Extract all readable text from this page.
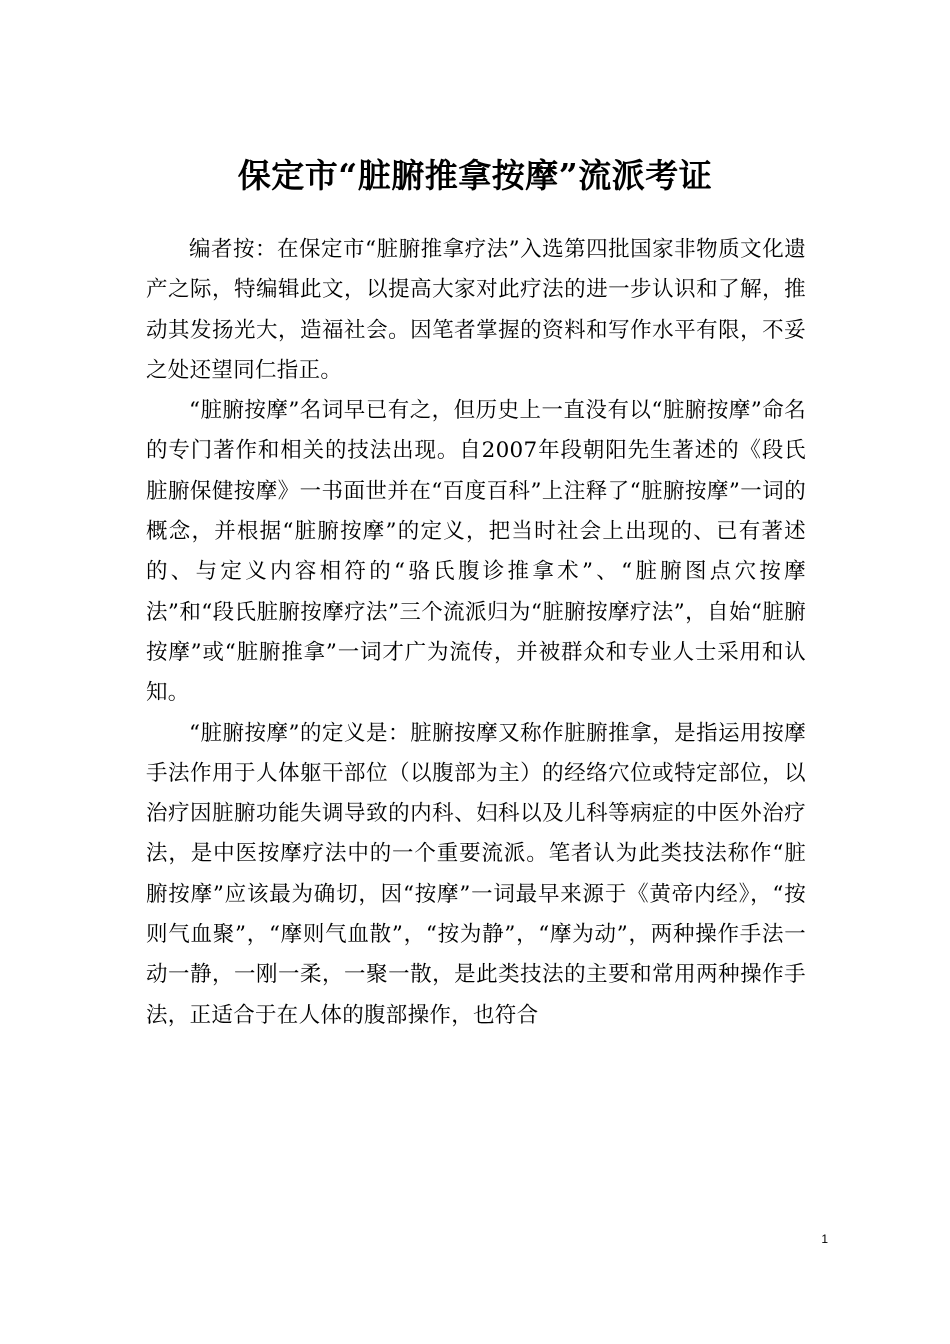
保定市“脏腑推拿按摩”流派考证

编者按：在保定市“脏腑推拿疗法”入选第四批国家非物质文化遗产之际，特编辑此文，以提高大家对此疗法的进一步认识和了解，推动其发扬光大，造福社会。因笔者掌握的资料和写作水平有限，不妥之处还望同仁指正。

“脏腑按摩”名词早已有之，但历史上一直没有以“脏腑按摩”命名的专门著作和相关的技法出现。自2007年段朝阳先生著述的《段氏脏腑保健按摩》一书面世并在“百度百科”上注释了“脏腑按摩”一词的概念，并根据“脏腑按摩”的定义，把当时社会上出现的、已有著述的、与定义内容相符的“骆氏腹诊推拿术”、“脏腑图点穴按摩法”和“段氏脏腑按摩疗法”三个流派归为“脏腑按摩疗法”，自始“脏腑按摩”或“脏腑推拿”一词才广为流传，并被群众和专业人士采用和认知。

“脏腑按摩”的定义是：脏腑按摩又称作脏腑推拿，是指运用按摩手法作用于人体躯干部位（以腹部为主）的经络穴位或特定部位，以治疗因脏腑功能失调导致的内科、妇科以及儿科等病症的中医外治疗法，是中医按摩疗法中的一个重要流派。笔者认为此类技法称作“脏腑按摩”应该最为确切，因“按摩”一词最早来源于《黄帝内经》，“按则气血聚”，“摩则气血散”，“按为静”，“摩为动”，两种操作手法一动一静，一刚一柔，一聚一散，是此类技法的主要和常用两种操作手法，正适合于在人体的腹部操作，也符合

1
